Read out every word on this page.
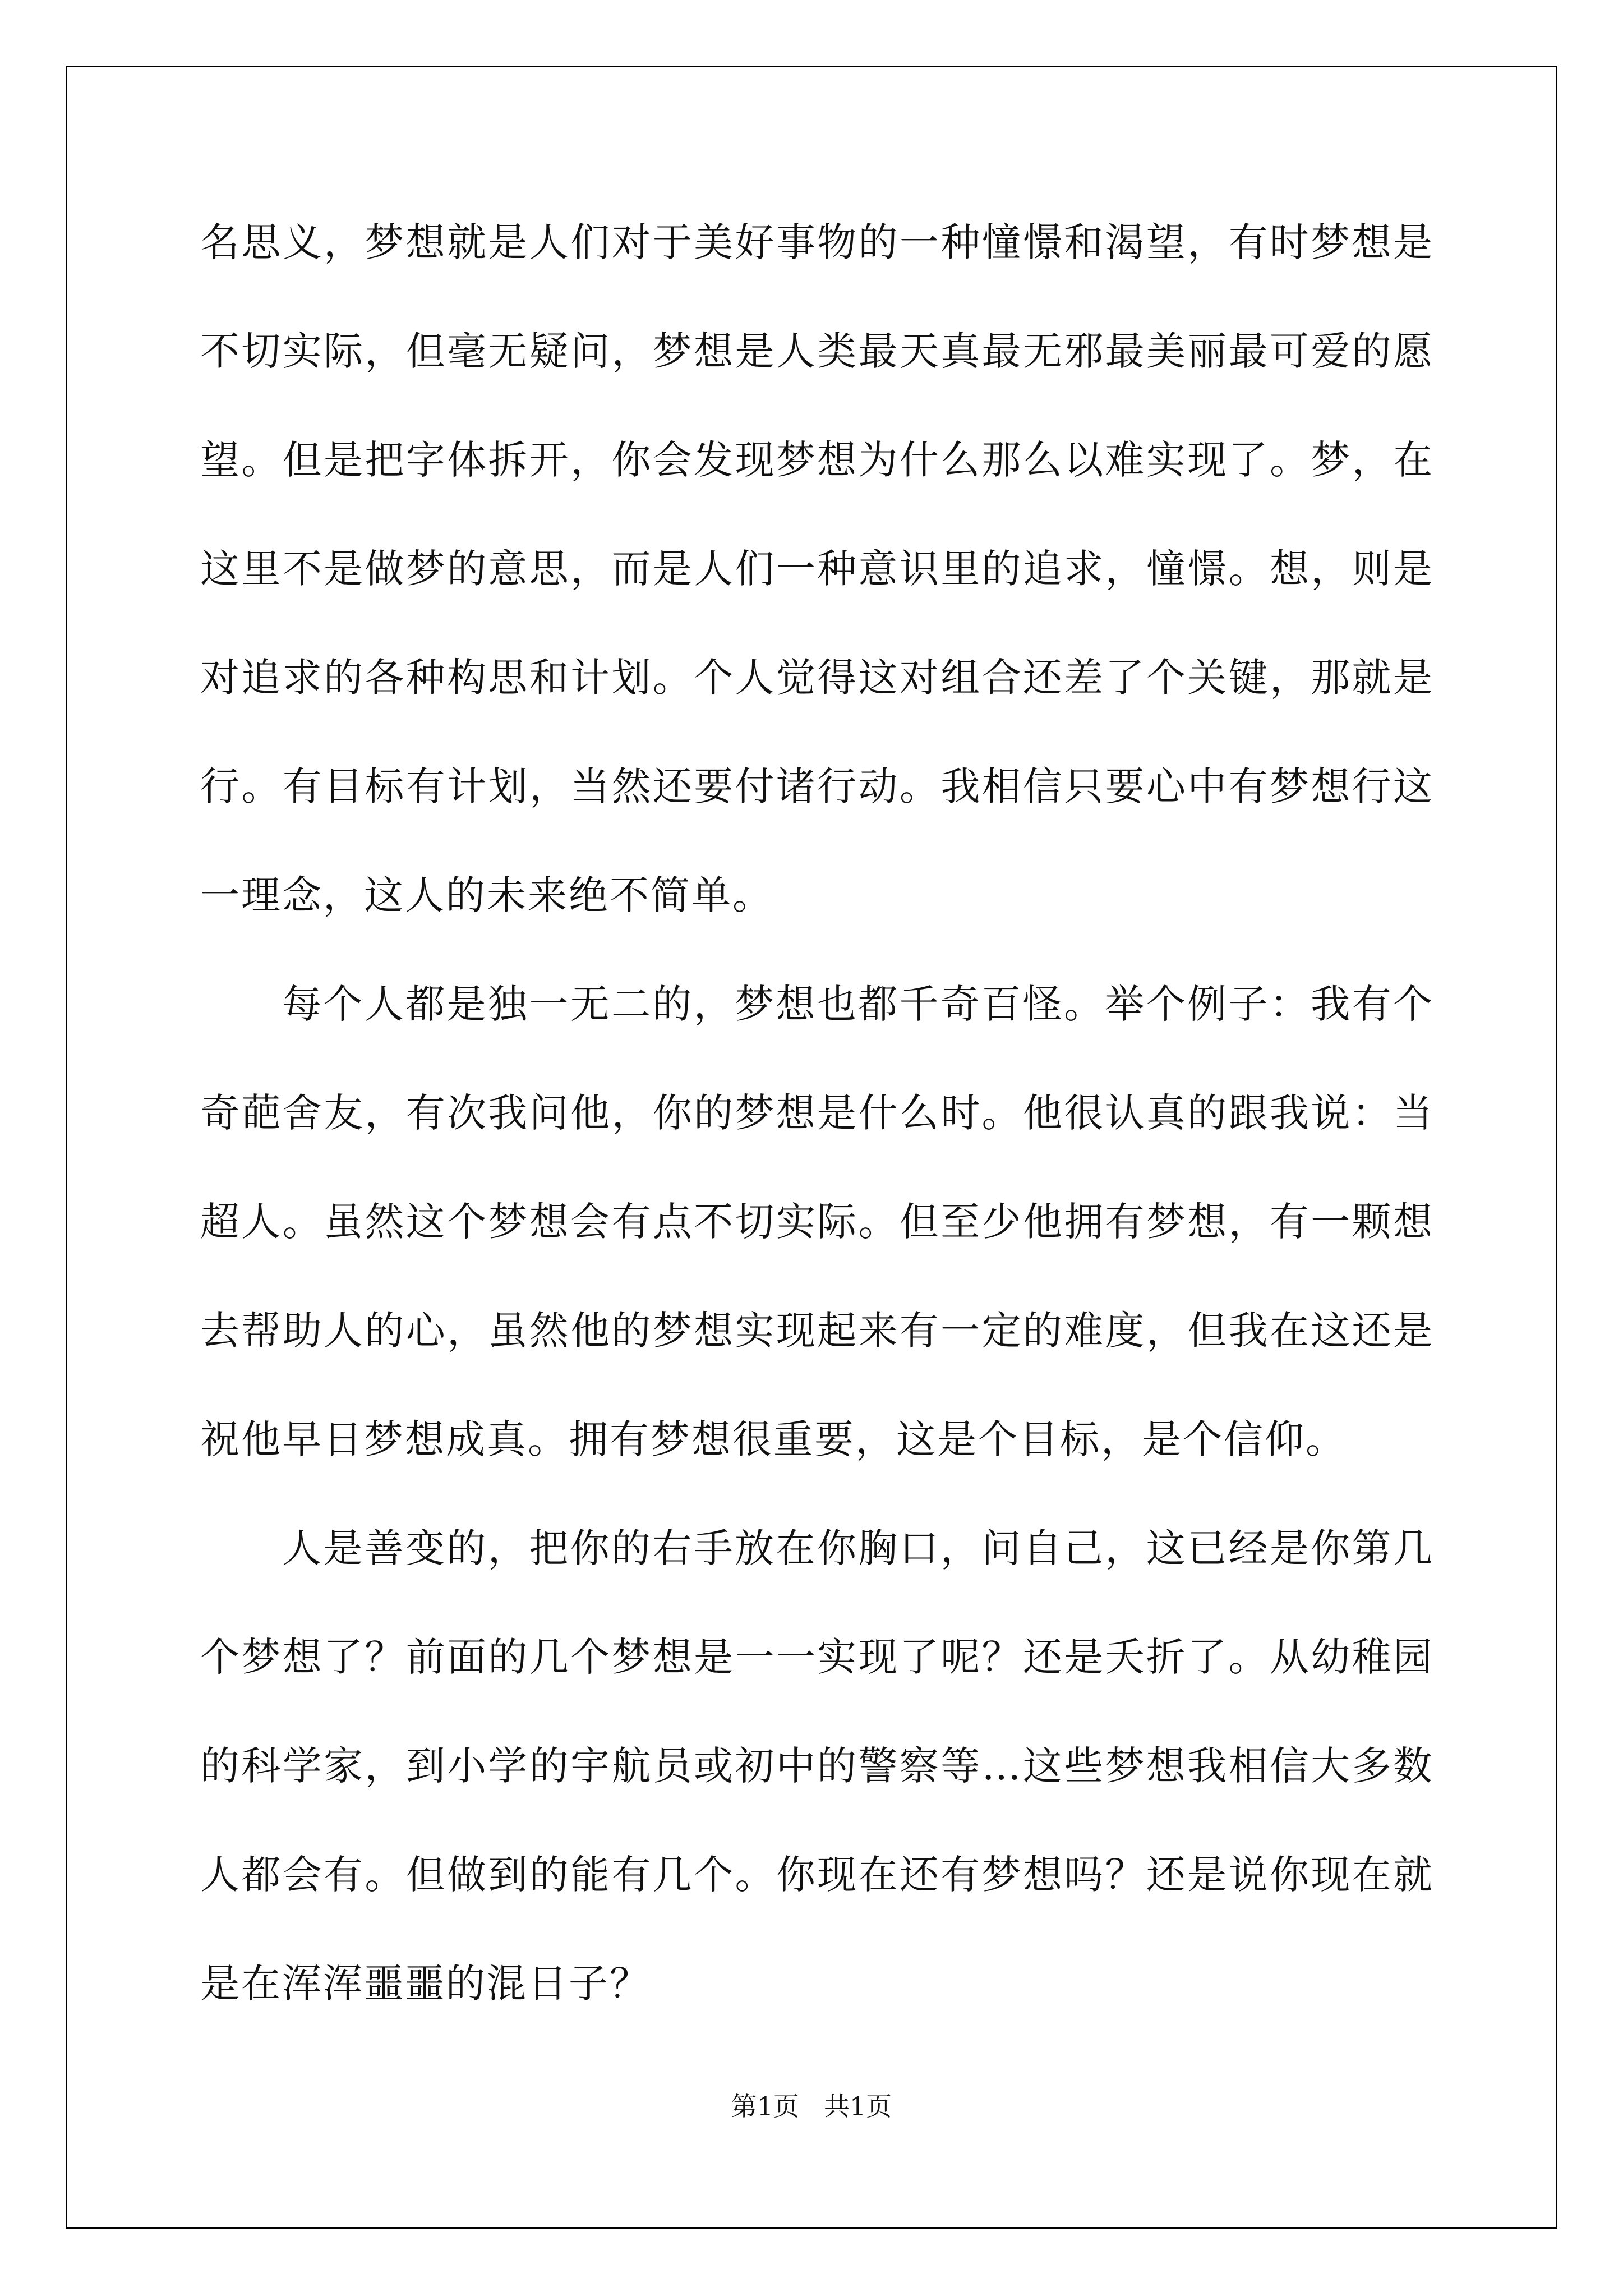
名思义，梦想就是人们对于美好事物的一种憧憬和渴望，有时梦想是不切实际，但毫无疑问，梦想是人类最天真最无邪最美丽最可爱的愿望。但是把字体拆开，你会发现梦想为什么那么以难实现了。梦，在这里不是做梦的意思，而是人们一种意识里的追求，憧憬。想，则是对追求的各种构思和计划。个人觉得这对组合还差了个关键，那就是行。有目标有计划，当然还要付诸行动。我相信只要心中有梦想行这一理念，这人的未来绝不简单。

每个人都是独一无二的，梦想也都千奇百怪。举个例子：我有个奇葩舍友，有次我问他，你的梦想是什么时。他很认真的跟我说：当超人。虽然这个梦想会有点不切实际。但至少他拥有梦想，有一颗想去帮助人的心，虽然他的梦想实现起来有一定的难度，但我在这还是祝他早日梦想成真。拥有梦想很重要，这是个目标，是个信仰。

人是善变的，把你的右手放在你胸口，问自己，这已经是你第几个梦想了？前面的几个梦想是一一实现了呢？还是夭折了。从幼稚园的科学家，到小学的宇航员或初中的警察等…这些梦想我相信大多数人都会有。但做到的能有几个。你现在还有梦想吗？还是说你现在就是在浑浑噩噩的混日子？

第1页 共1页
